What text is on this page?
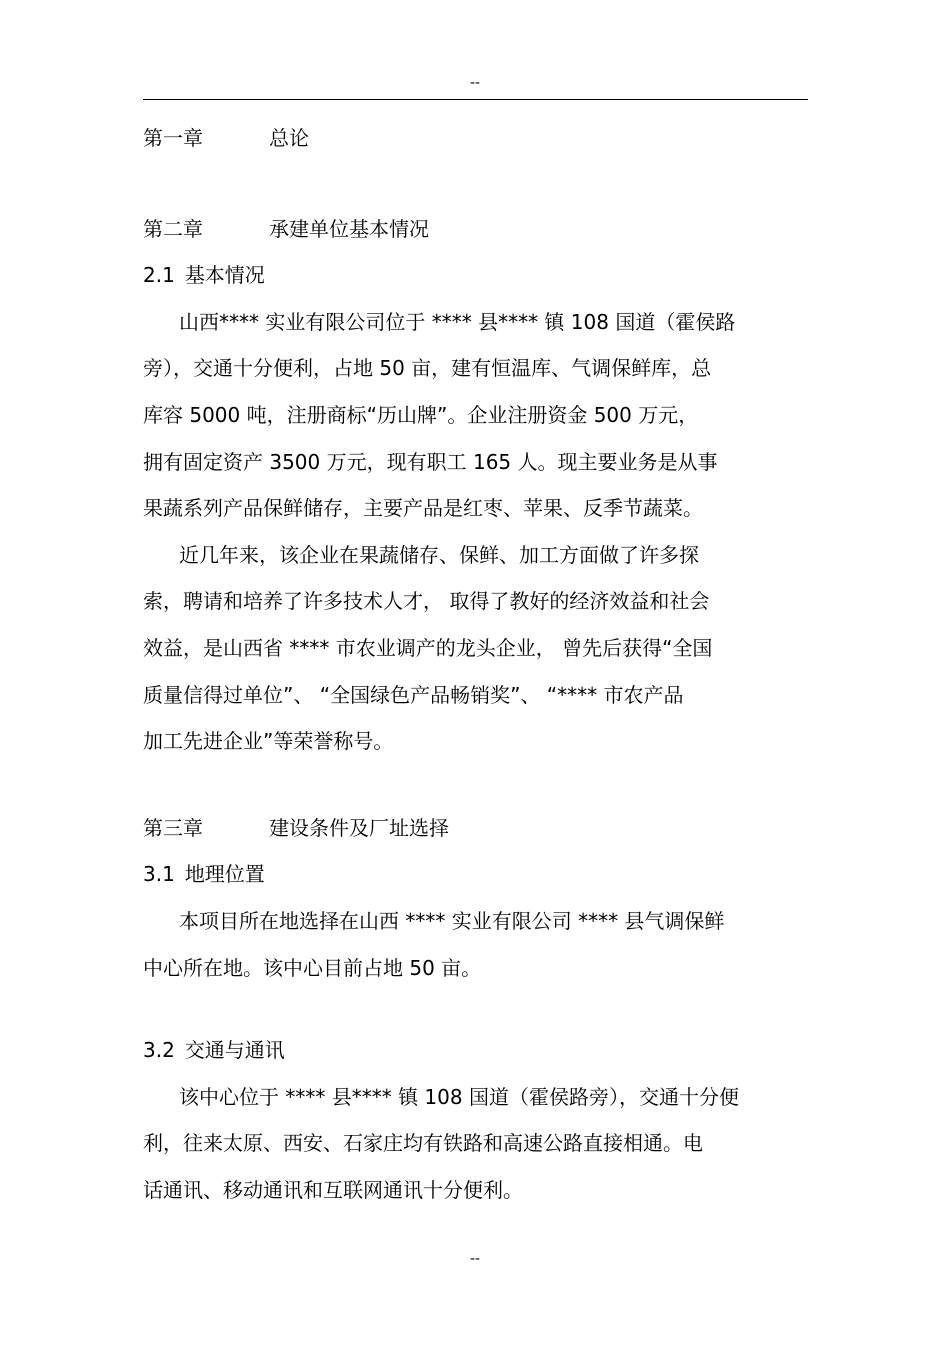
--
第一章	总论
第二章	承建单位基本情况
2.1 基本情况
山西**** 实业有限公司位于 **** 县**** 镇 108 国道（霍侯路
旁），交通十分便利，占地 50 亩，建有恒温库、气调保鲜库，总
库容 5000 吨，注册商标“历山牌”。企业注册资金 500 万元，
拥有固定资产 3500 万元，现有职工 165 人。现主要业务是从事
果蔬系列产品保鲜储存，主要产品是红枣、苹果、反季节蔬菜。
近几年来，该企业在果蔬储存、保鲜、加工方面做了许多探
索，聘请和培养了许多技术人才， 取得了教好的经济效益和社会
效益，是山西省 **** 市农业调产的龙头企业， 曾先后获得“全国
质量信得过单位”、 “全国绿色产品畅销奖”、 “**** 市农产品
加工先进企业”等荣誉称号。
第三章	建设条件及厂址选择
3.1 地理位置
本项目所在地选择在山西 **** 实业有限公司 **** 县气调保鲜
中心所在地。该中心目前占地 50 亩。
3.2 交通与通讯
该中心位于 **** 县**** 镇 108 国道（霍侯路旁），交通十分便
利，往来太原、西安、石家庄均有铁路和高速公路直接相通。电
话通讯、移动通讯和互联网通讯十分便利。
--
